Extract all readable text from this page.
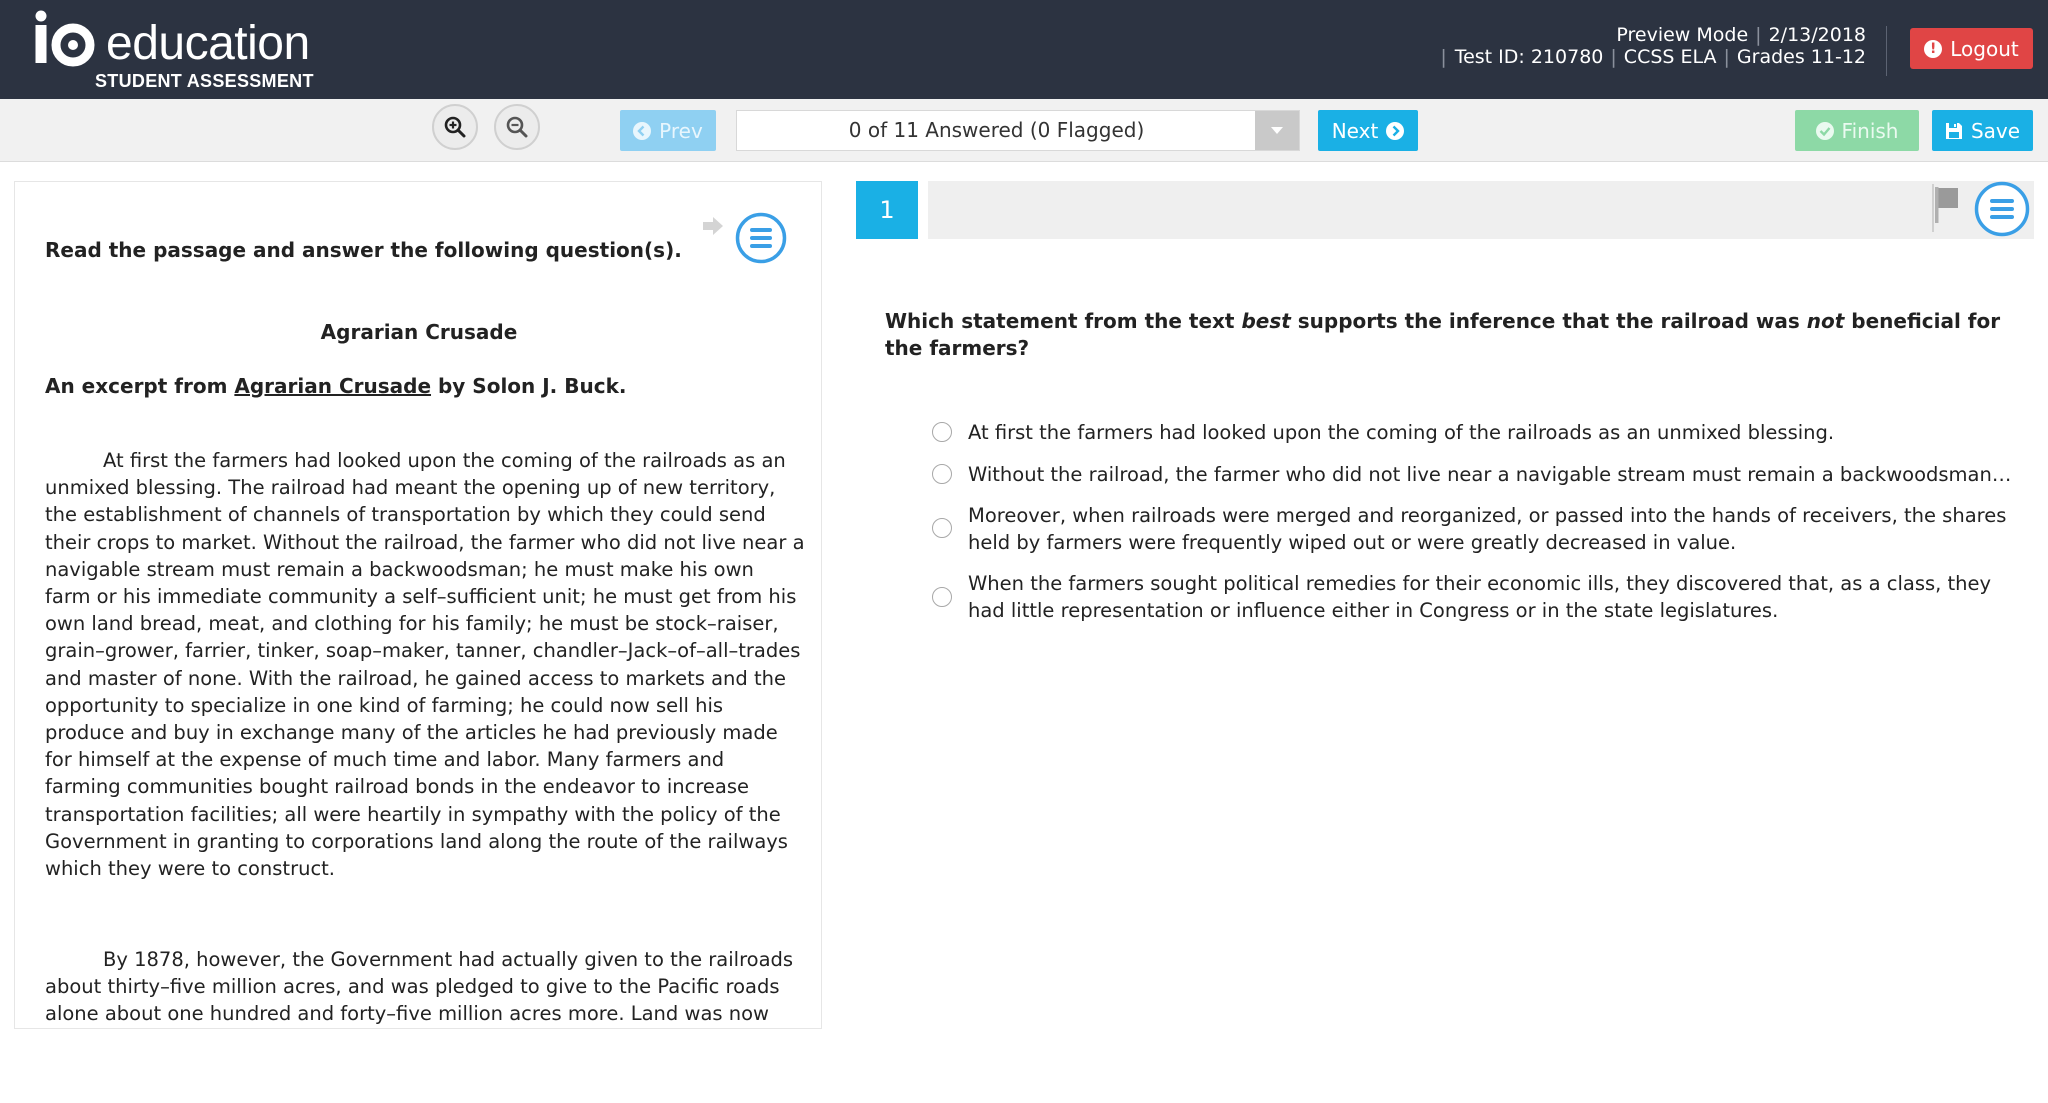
education
STUDENT ASSESSMENT
Preview Mode | 2/13/2018
| Test ID: 210780 | CCSS ELA | Grades 11-12	! Logout
Prev	0 of 11 Answered (0 Flagged)	Next	Finish	Save
Read the passage and answer the following question(s).
Agrarian Crusade
An excerpt from Agrarian Crusade by Solon J. Buck.

At first the farmers had looked upon the coming of the railroads as an unmixed blessing. The railroad had meant the opening up of new territory, the establishment of channels of transportation by which they could send their crops to market. Without the railroad, the farmer who did not live near a navigable stream must remain a backwoodsman; he must make his own farm or his immediate community a self–sufficient unit; he must get from his own land bread, meat, and clothing for his family; he must be stock–raiser, grain–grower, farrier, tinker, soap–maker, tanner, chandler–Jack–of–all–trades and master of none. With the railroad, he gained access to markets and the opportunity to specialize in one kind of farming; he could now sell his produce and buy in exchange many of the articles he had previously made for himself at the expense of much time and labor. Many farmers and farming communities bought railroad bonds in the endeavor to increase transportation facilities; all were heartily in sympathy with the policy of the Government in granting to corporations land along the route of the railways which they were to construct.

By 1878, however, the Government had actually given to the railroads about thirty–five million acres, and was pledged to give to the Pacific roads alone about one hundred and forty–five million acres more. Land was now

1
Which statement from the text best supports the inference that the railroad was not beneficial for the farmers?
At first the farmers had looked upon the coming of the railroads as an unmixed blessing.
Without the railroad, the farmer who did not live near a navigable stream must remain a backwoodsman…
Moreover, when railroads were merged and reorganized, or passed into the hands of receivers, the shares held by farmers were frequently wiped out or were greatly decreased in value.
When the farmers sought political remedies for their economic ills, they discovered that, as a class, they had little representation or influence either in Congress or in the state legislatures.
